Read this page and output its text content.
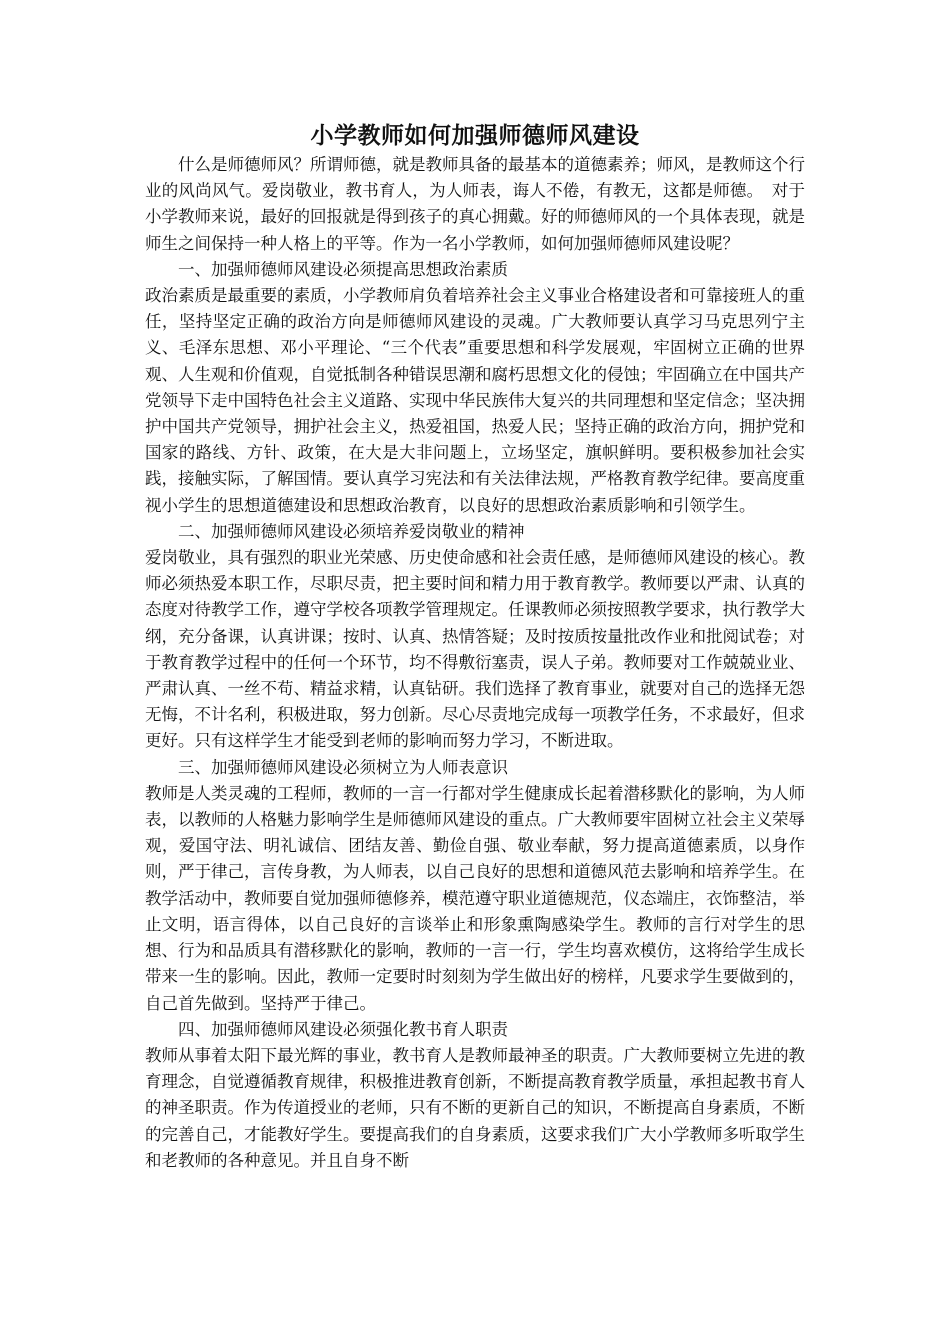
小学教师如何加强师德师风建设

什么是师德师风？所谓师德，就是教师具备的最基本的道德素养；师风，是教师这个行业的风尚风气。爱岗敬业，教书育人，为人师表，诲人不倦，有教无，这都是师德。　对于小学教师来说，最好的回报就是得到孩子的真心拥戴。好的师德师风的一个具体表现，就是师生之间保持一种人格上的平等。作为一名小学教师，如何加强师德师风建设呢？

一、加强师德师风建设必须提高思想政治素质

政治素质是最重要的素质，小学教师肩负着培养社会主义事业合格建设者和可靠接班人的重任，坚持坚定正确的政治方向是师德师风建设的灵魂。广大教师要认真学习马克思列宁主义、毛泽东思想、邓小平理论、“三个代表”重要思想和科学发展观，牢固树立正确的世界观、人生观和价值观，自觉抵制各种错误思潮和腐朽思想文化的侵蚀；牢固确立在中国共产党领导下走中国特色社会主义道路、实现中华民族伟大复兴的共同理想和坚定信念；坚决拥护中国共产党领导，拥护社会主义，热爱祖国，热爱人民；坚持正确的政治方向，拥护党和国家的路线、方针、政策，在大是大非问题上，立场坚定，旗帜鲜明。要积极参加社会实践，接触实际，了解国情。要认真学习宪法和有关法律法规，严格教育教学纪律。要高度重视小学生的思想道德建设和思想政治教育，以良好的思想政治素质影响和引领学生。

二、加强师德师风建设必须培养爱岗敬业的精神

爱岗敬业，具有强烈的职业光荣感、历史使命感和社会责任感，是师德师风建设的核心。教师必须热爱本职工作，尽职尽责，把主要时间和精力用于教育教学。教师要以严肃、认真的态度对待教学工作，遵守学校各项教学管理规定。任课教师必须按照教学要求，执行教学大纲，充分备课，认真讲课；按时、认真、热情答疑；及时按质按量批改作业和批阅试卷；对于教育教学过程中的任何一个环节，均不得敷衍塞责，误人子弟。教师要对工作兢兢业业、严肃认真、一丝不苟、精益求精，认真钻研。我们选择了教育事业，就要对自己的选择无怨无悔，不计名利，积极进取，努力创新。尽心尽责地完成每一项教学任务，不求最好，但求更好。只有这样学生才能受到老师的影响而努力学习，不断进取。

三、加强师德师风建设必须树立为人师表意识

教师是人类灵魂的工程师，教师的一言一行都对学生健康成长起着潜移默化的影响，为人师表，以教师的人格魅力影响学生是师德师风建设的重点。广大教师要牢固树立社会主义荣辱观，爱国守法、明礼诚信、团结友善、勤俭自强、敬业奉献，努力提高道德素质，以身作则，严于律己，言传身教，为人师表，以自己良好的思想和道德风范去影响和培养学生。在教学活动中，教师要自觉加强师德修养，模范遵守职业道德规范，仪态端庄，衣饰整洁，举止文明，语言得体，以自己良好的言谈举止和形象熏陶感染学生。教师的言行对学生的思想、行为和品质具有潜移默化的影响，教师的一言一行，学生均喜欢模仿，这将给学生成长带来一生的影响。因此，教师一定要时时刻刻为学生做出好的榜样，凡要求学生要做到的，自己首先做到。坚持严于律己。

四、加强师德师风建设必须强化教书育人职责

教师从事着太阳下最光辉的事业，教书育人是教师最神圣的职责。广大教师要树立先进的教育理念，自觉遵循教育规律，积极推进教育创新，不断提高教育教学质量，承担起教书育人的神圣职责。作为传道授业的老师，只有不断的更新自己的知识，不断提高自身素质，不断的完善自己，才能教好学生。要提高我们的自身素质，这要求我们广大小学教师多听取学生和老教师的各种意见。并且自身不断
